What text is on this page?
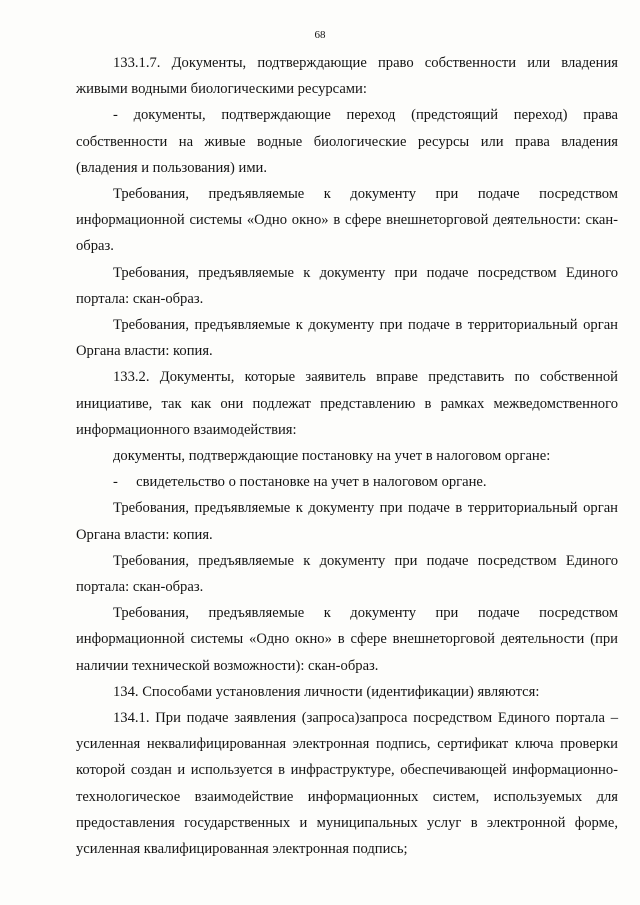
68

133.1.7. Документы, подтверждающие право собственности или владения живыми водными биологическими ресурсами:

- документы, подтверждающие переход (предстоящий переход) права собственности на живые водные биологические ресурсы или права владения (владения и пользования) ими.

Требования, предъявляемые к документу при подаче посредством информационной системы «Одно окно» в сфере внешнеторговой деятельности: скан-образ.

Требования, предъявляемые к документу при подаче посредством Единого портала: скан-образ.

Требования, предъявляемые к документу при подаче в территориальный орган Органа власти: копия.

133.2. Документы, которые заявитель вправе представить по собственной инициативе, так как они подлежат представлению в рамках межведомственного информационного взаимодействия:

документы, подтверждающие постановку на учет в налоговом органе:

-     свидетельство о постановке на учет в налоговом органе.

Требования, предъявляемые к документу при подаче в территориальный орган Органа власти: копия.

Требования, предъявляемые к документу при подаче посредством Единого портала: скан-образ.

Требования, предъявляемые к документу при подаче посредством информационной системы «Одно окно» в сфере внешнеторговой деятельности (при наличии технической возможности): скан-образ.

134. Способами установления личности (идентификации) являются:

134.1. При подаче заявления (запроса)запроса посредством Единого портала – усиленная неквалифицированная электронная подпись, сертификат ключа проверки которой создан и используется в инфраструктуре, обеспечивающей информационно-технологическое взаимодействие информационных систем, используемых для предоставления государственных и муниципальных услуг в электронной форме, усиленная квалифицированная электронная подпись;
